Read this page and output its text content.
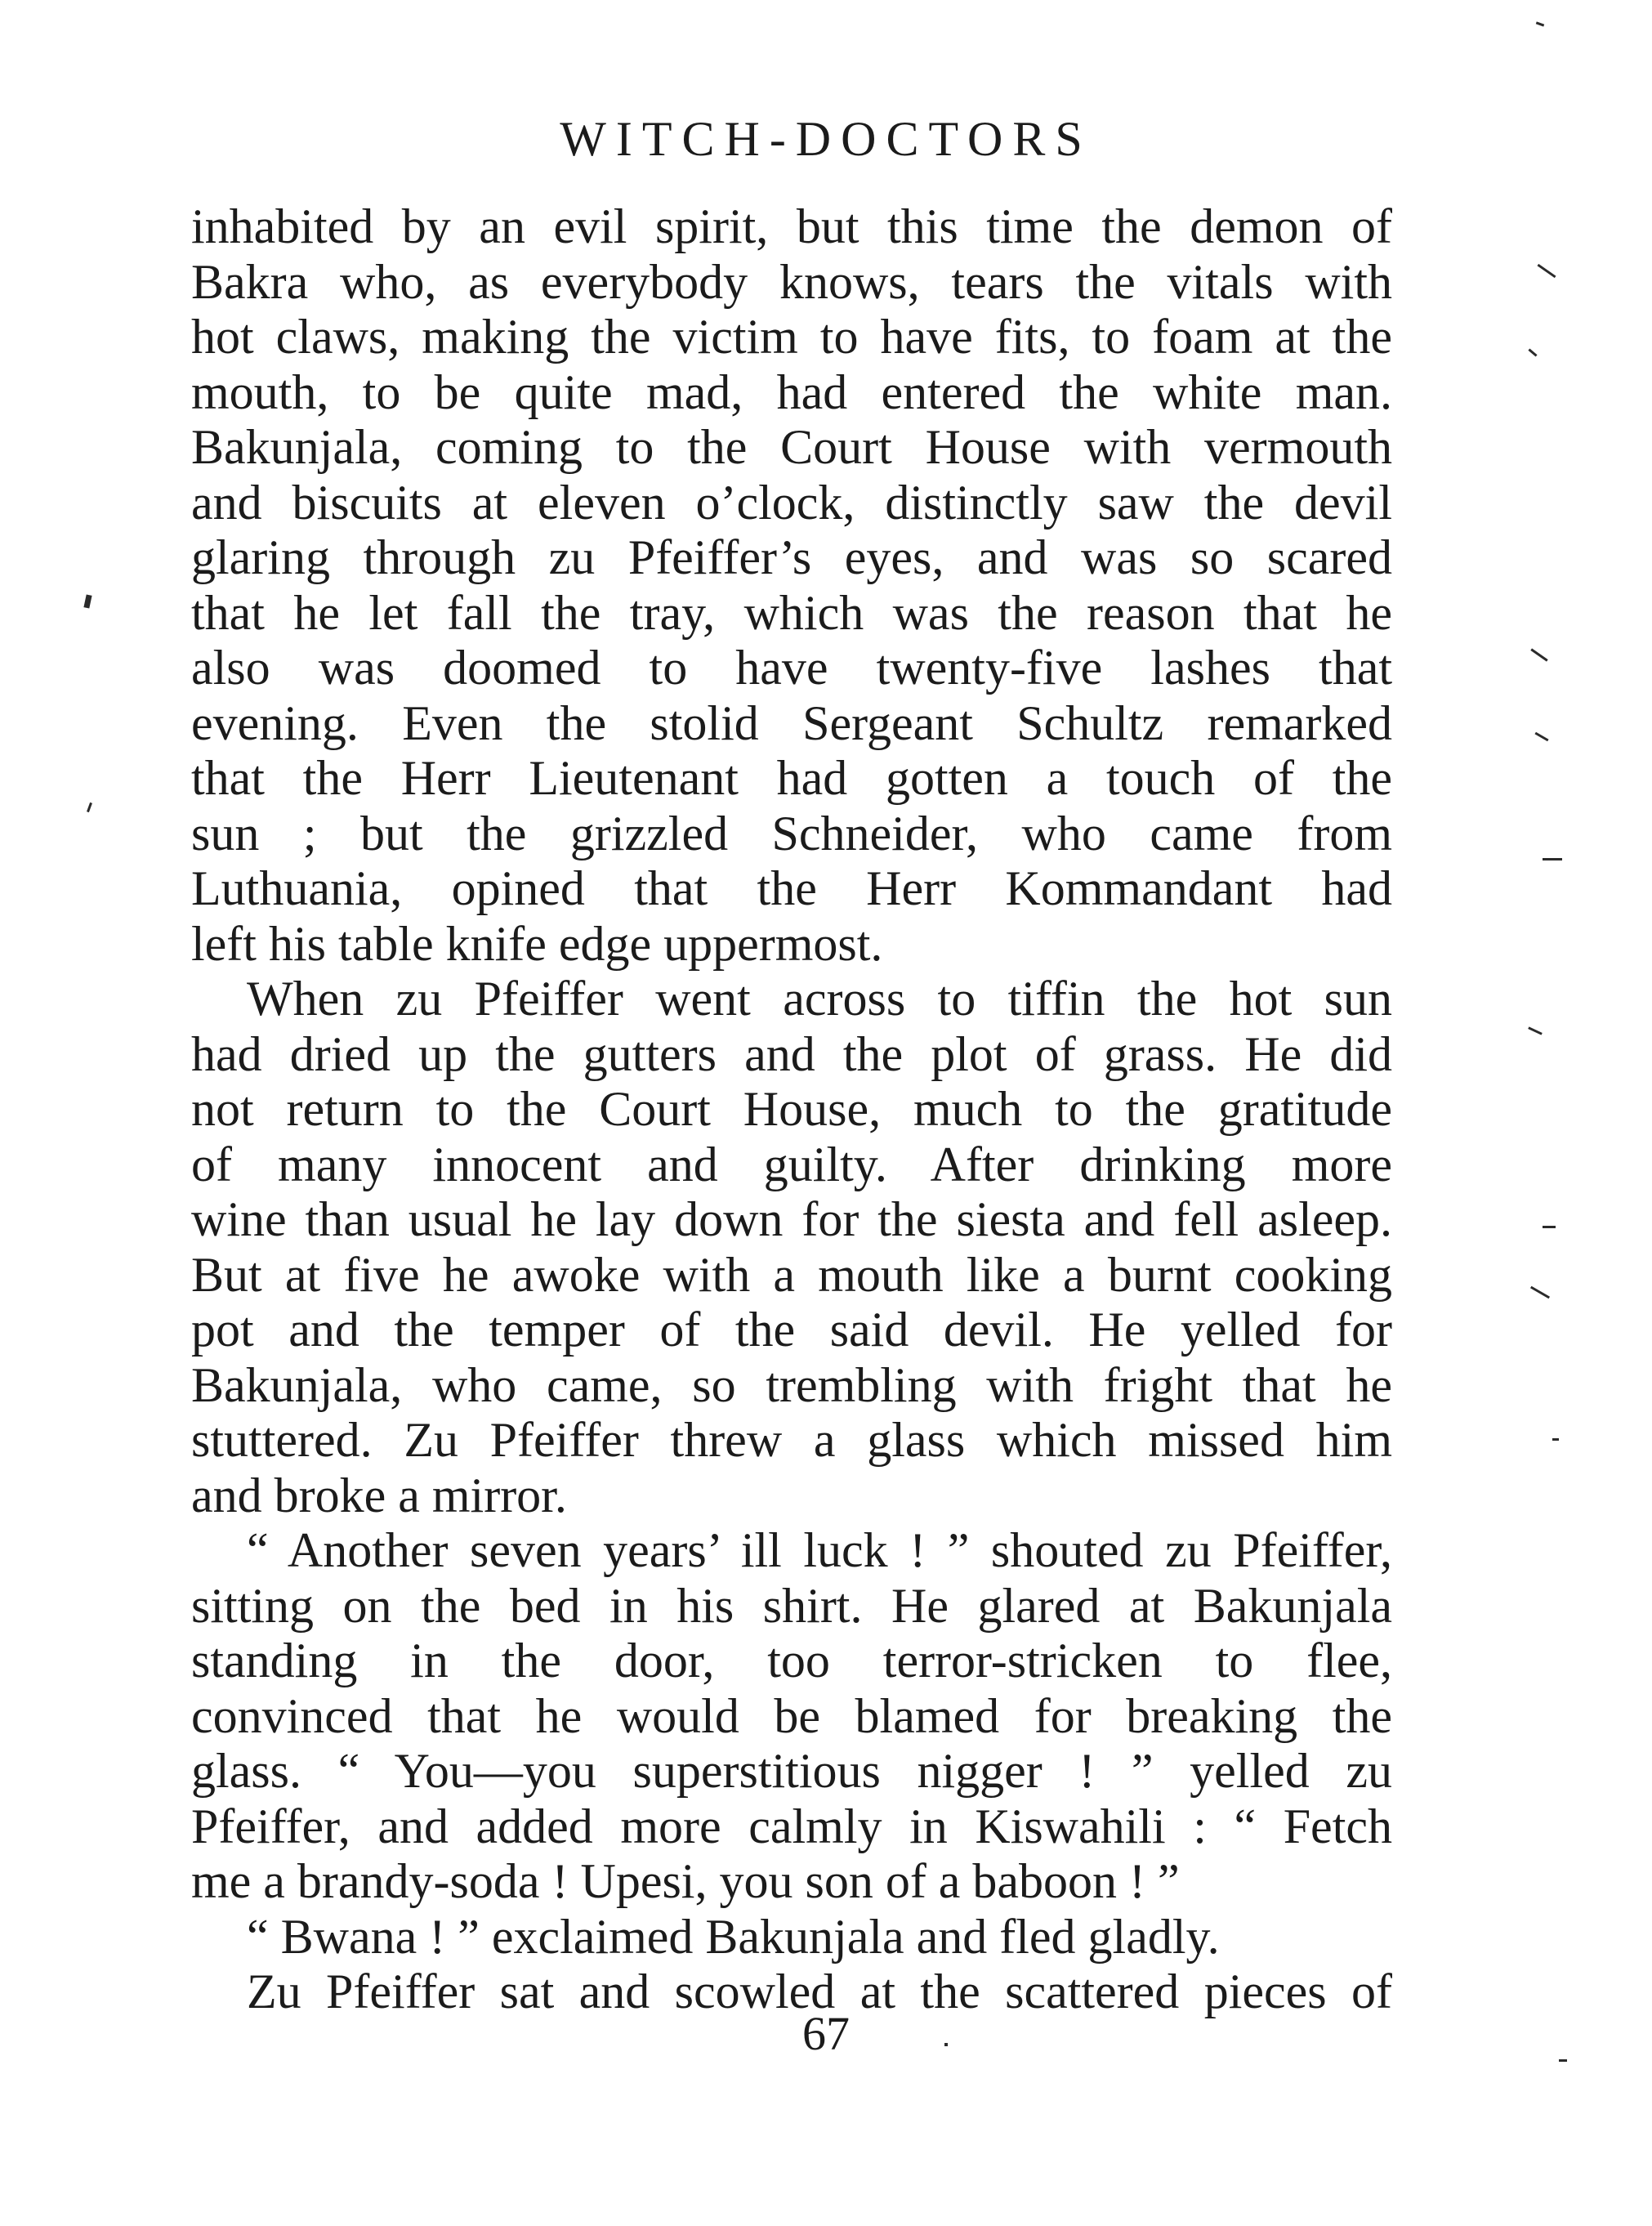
WITCH-DOCTORS
inhabited by an evil spirit, but this time the demon of
Bakra who, as everybody knows, tears the vitals with
hot claws, making the victim to have fits, to foam at the
mouth, to be quite mad, had entered the white man.
Bakunjala, coming to the Court House with vermouth
and biscuits at eleven o’clock, distinctly saw the devil
glaring through zu Pfeiffer’s eyes, and was so scared
that he let fall the tray, which was the reason that he
also was doomed to have twenty-five lashes that
evening. Even the stolid Sergeant Schultz remarked
that the Herr Lieutenant had gotten a touch of the
sun ; but the grizzled Schneider, who came from
Luthuania, opined that the Herr Kommandant had
left his table knife edge uppermost.
When zu Pfeiffer went across to tiffin the hot sun
had dried up the gutters and the plot of grass. He did
not return to the Court House, much to the gratitude
of many innocent and guilty. After drinking more
wine than usual he lay down for the siesta and fell asleep.
But at five he awoke with a mouth like a burnt cooking
pot and the temper of the said devil. He yelled for
Bakunjala, who came, so trembling with fright that he
stuttered. Zu Pfeiffer threw a glass which missed him
and broke a mirror.
“ Another seven years’ ill luck ! ” shouted zu Pfeiffer,
sitting on the bed in his shirt. He glared at Bakunjala
standing in the door, too terror-stricken to flee,
convinced that he would be blamed for breaking the
glass. “ You—you superstitious nigger ! ” yelled zu
Pfeiffer, and added more calmly in Kiswahili : “ Fetch
me a brandy-soda ! Upesi, you son of a baboon ! ”
“ Bwana ! ” exclaimed Bakunjala and fled gladly.
Zu Pfeiffer sat and scowled at the scattered pieces of
67
